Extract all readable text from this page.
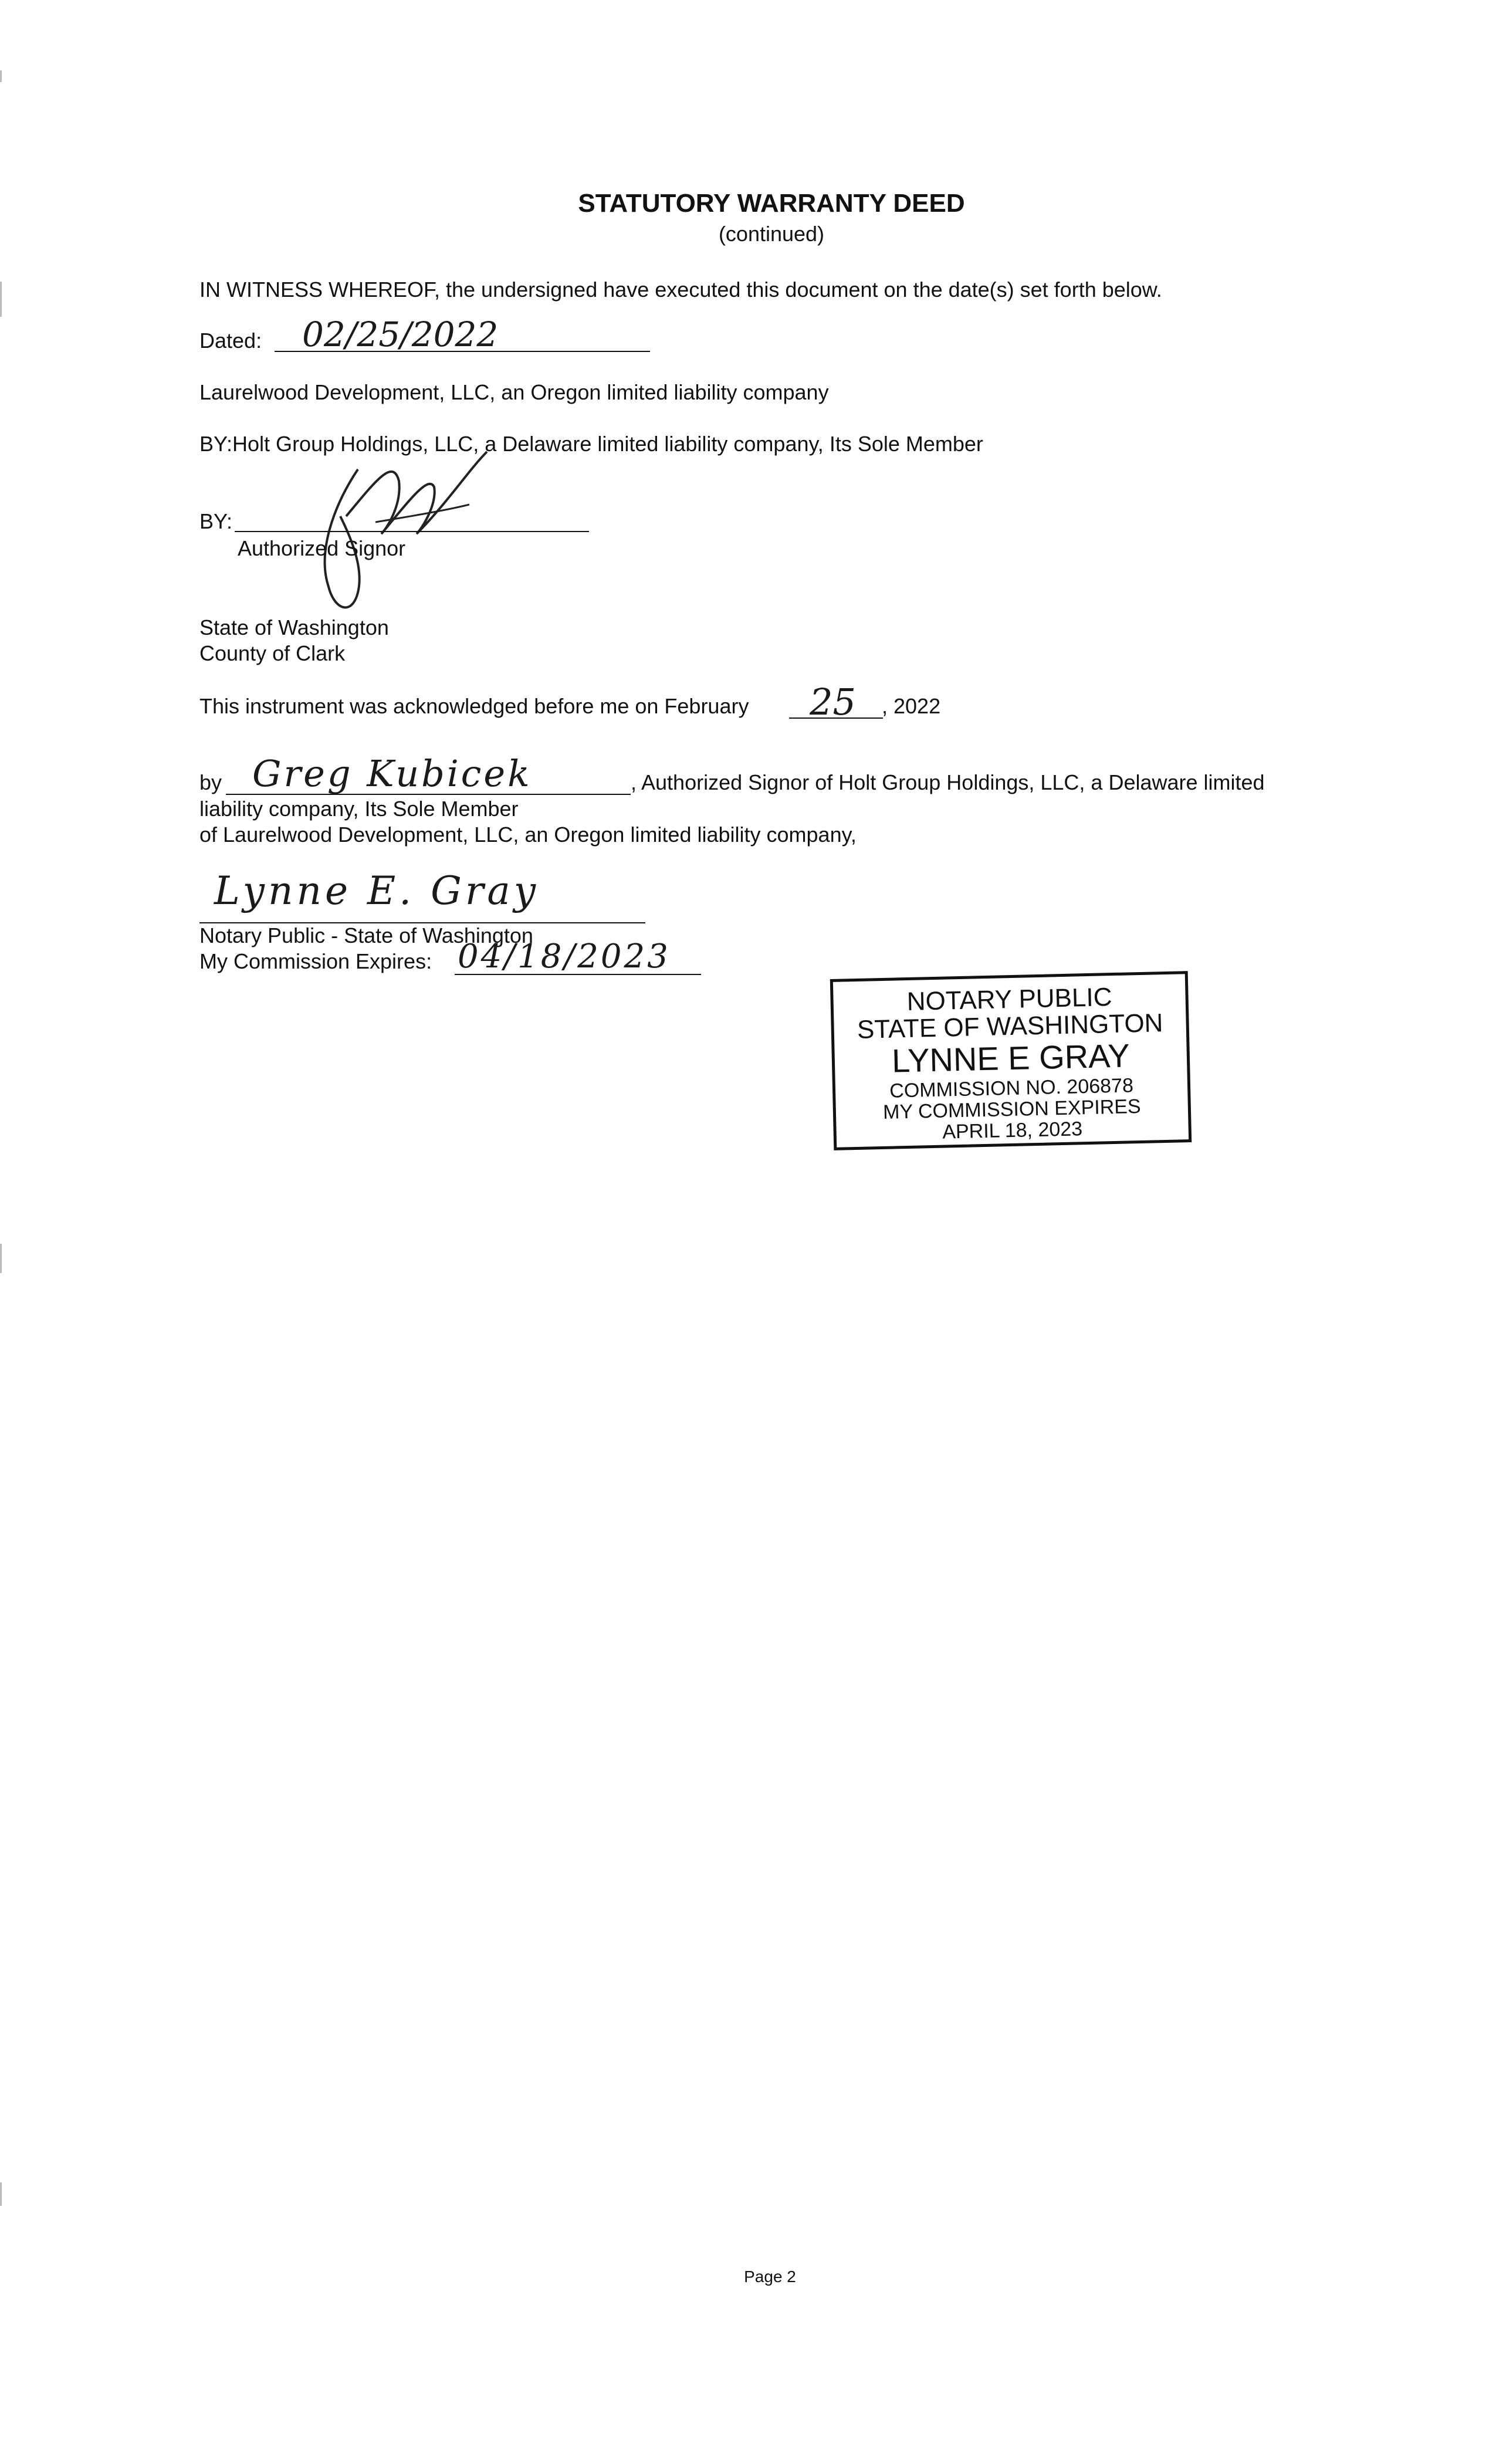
STATUTORY WARRANTY DEED
(continued)
IN WITNESS WHEREOF, the undersigned have executed this document on the date(s) set forth below.
Dated: 02/25/2022
Laurelwood Development, LLC, an Oregon limited liability company
BY:Holt Group Holdings, LLC, a Delaware limited liability company, Its Sole Member
BY:
Authorized Signor
State of Washington
County of Clark
This instrument was acknowledged before me on February 25 , 2022
by Greg Kubicek	, Authorized Signor of Holt Group Holdings, LLC, a Delaware limited
liability company, Its Sole Member
of Laurelwood Development, LLC, an Oregon limited liability company,
Lynne E. Gray
Notary Public - State of Washington
My Commission Expires: 04/18/2023
NOTARY PUBLIC
STATE OF WASHINGTON
LYNNE E GRAY
COMMISSION NO. 206878
MY COMMISSION EXPIRES
APRIL 18, 2023
Page 2
